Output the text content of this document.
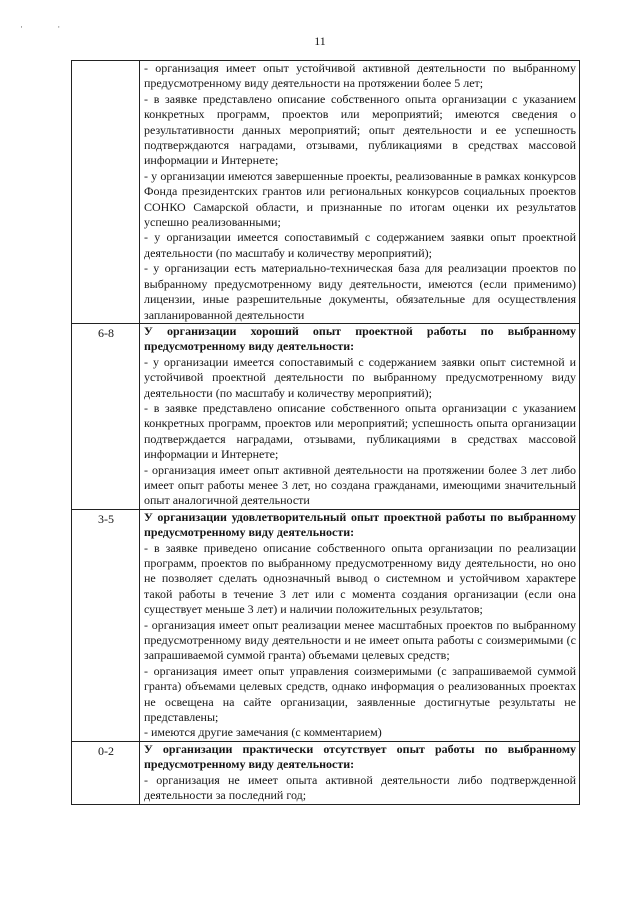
· ·
11

	- организация имеет опыт устойчивой активной деятельности по выбранному предусмотренному виду деятельности на протяжении более 5 лет;

- в заявке представлено описание собственного опыта организации с указанием конкретных программ, проектов или мероприятий; имеются сведения о результативности данных мероприятий; опыт деятельности и ее успешность подтверждаются наградами, отзывами, публикациями в средствах массовой информации и Интернете;

- у организации имеются завершенные проекты, реализованные в рамках конкурсов Фонда президентских грантов или региональных конкурсов социальных проектов СОНКО Самарской области, и признанные по итогам оценки их результатов успешно реализованными;

- у организации имеется сопоставимый с содержанием заявки опыт проектной деятельности (по масштабу и количеству мероприятий);

- у организации есть материально-техническая база для реализации проектов по выбранному предусмотренному виду деятельности, имеются (если применимо) лицензии, иные разрешительные документы, обязательные для осуществления запланированной деятельности

6-8	У организации хороший опыт проектной работы по выбранному предусмотренному виду деятельности:

- у организации имеется сопоставимый с содержанием заявки опыт системной и устойчивой проектной деятельности по выбранному предусмотренному виду деятельности (по масштабу и количеству мероприятий);

- в заявке представлено описание собственного опыта организации с указанием конкретных программ, проектов или мероприятий; успешность опыта организации подтверждается наградами, отзывами, публикациями в средствах массовой информации и Интернете;

- организация имеет опыт активной деятельности на протяжении более 3 лет либо имеет опыт работы менее 3 лет, но создана гражданами, имеющими значительный опыт аналогичной деятельности

3-5	У организации удовлетворительный опыт проектной работы по выбранному предусмотренному виду деятельности:

- в заявке приведено описание собственного опыта организации по реализации программ, проектов по выбранному предусмотренному виду деятельности, но оно не позволяет сделать однозначный вывод о системном и устойчивом характере такой работы в течение 3 лет или с момента создания организации (если она существует меньше 3 лет) и наличии положительных результатов;

- организация имеет опыт реализации менее масштабных проектов по выбранному предусмотренному виду деятельности и не имеет опыта работы с соизмеримыми (с запрашиваемой суммой гранта) объемами целевых средств;

- организация имеет опыт управления соизмеримыми (с запрашиваемой суммой гранта) объемами целевых средств, однако информация о реализованных проектах не освещена на сайте организации, заявленные достигнутые результаты не представлены;

- имеются другие замечания (с комментарием)

0-2	У организации практически отсутствует опыт работы по выбранному предусмотренному виду деятельности:

- организация не имеет опыта активной деятельности либо подтвержденной деятельности за последний год;
